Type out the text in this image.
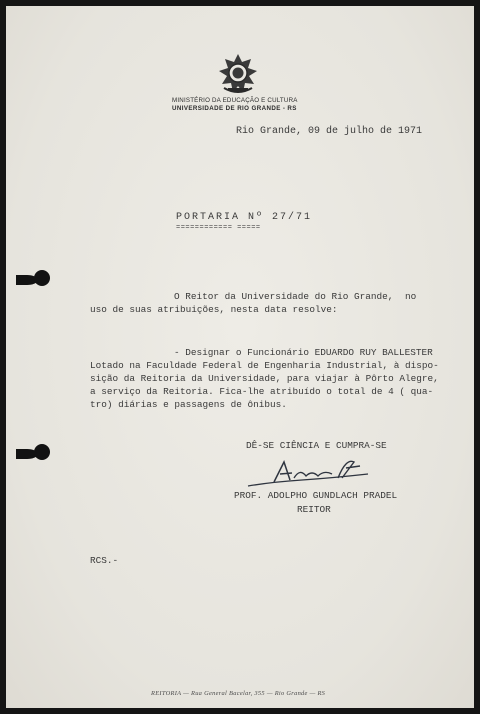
MINISTÉRIO DA EDUCAÇÃO E CULTURA
UNIVERSIDADE DE RIO GRANDE - RS
Rio Grande, 09 de julho de 1971
PORTARIA Nº 27/71
============ =====
O Reitor da Universidade do Rio Grande, no
uso de suas atribuições, nesta data resolve:
- Designar o Funcionário EDUARDO RUY BALLESTER
Lotado na Faculdade Federal de Engenharia Industrial, à dispo-
sição da Reitoria da Universidade, para viajar à Pôrto Alegre,
a serviço da Reitoria. Fica-lhe atribuído o total de 4 ( qua-
tro) diárias e passagens de ônibus.
DÊ-SE CIÊNCIA E CUMPRA-SE
PROF. ADOLPHO GUNDLACH PRADEL
REITOR
RCS.-
REITORIA — Rua General Bacelar, 355 — Rio Grande — RS
